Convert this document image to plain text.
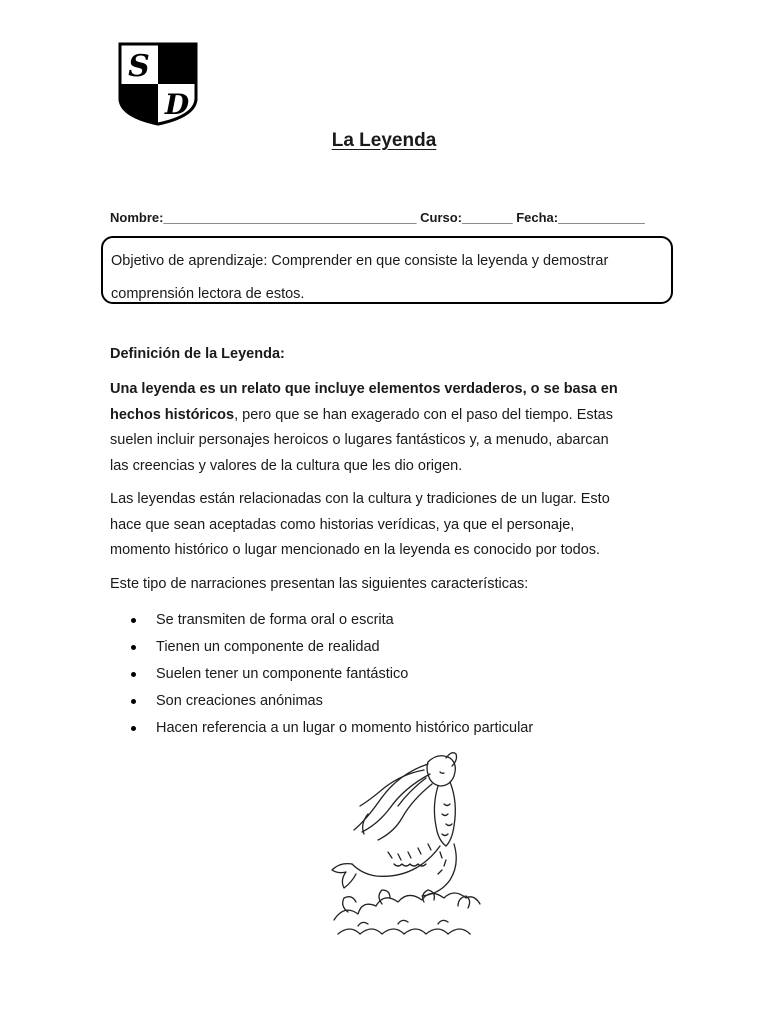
S
D
La Leyenda
Nombre:___________________________________ Curso:_______ Fecha:____________
Objetivo de aprendizaje: Comprender en que consiste la leyenda y demostrar
comprensión lectora de estos.
Definición de la Leyenda:
Una leyenda es un relato que incluye elementos verdaderos, o se basa en
hechos históricos, pero que se han exagerado con el paso del tiempo. Estas
suelen incluir personajes heroicos o lugares fantásticos y, a menudo, abarcan
las creencias y valores de la cultura que les dio origen.
Las leyendas están relacionadas con la cultura y tradiciones de un lugar. Esto
hace que sean aceptadas como historias verídicas, ya que el personaje,
momento histórico o lugar mencionado en la leyenda es conocido por todos.
Este tipo de narraciones presentan las siguientes características:
Se transmiten de forma oral o escrita
Tienen un componente de realidad
Suelen tener un componente fantástico
Son creaciones anónimas
Hacen referencia a un lugar o momento histórico particular
